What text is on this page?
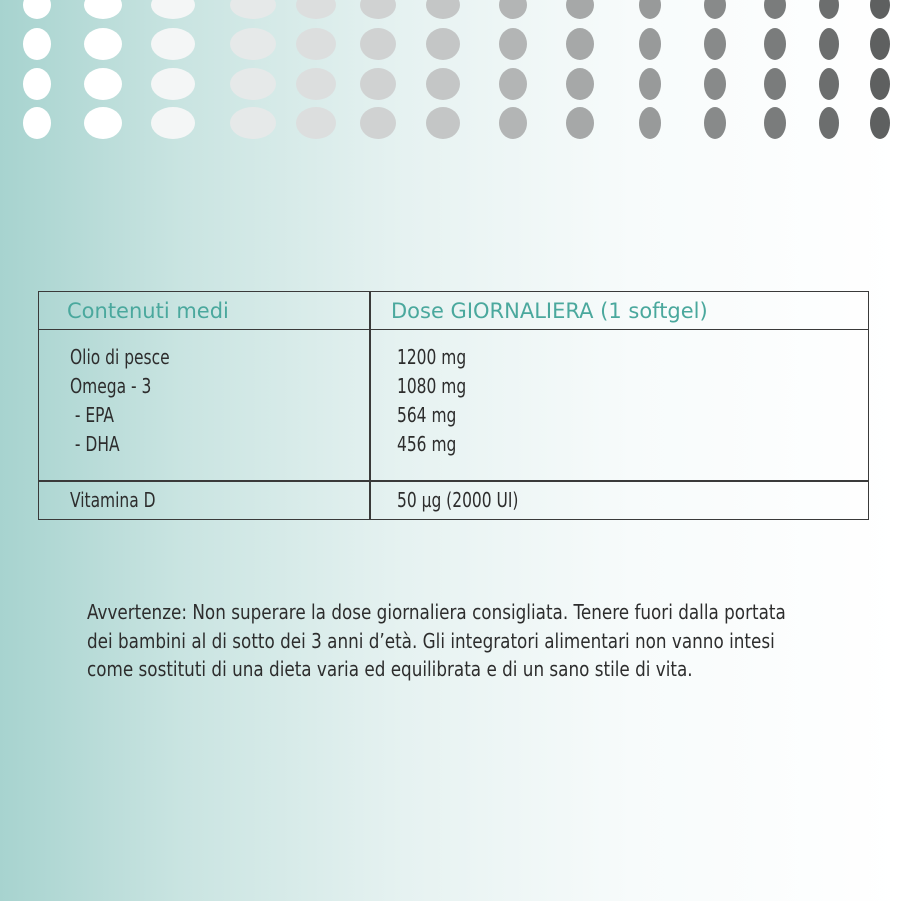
Contenuti medi	Dose GIORNALIERA (1 softgel)
Olio di pesce
Omega - 3
- EPA
- DHA
1200 mg
1080 mg
564 mg
456 mg
Vitamina D	50 µg (2000 UI)
Avvertenze: Non superare la dose giornaliera consigliata. Tenere fuori dalla portata
dei bambini al di sotto dei 3 anni d’età. Gli integratori alimentari non vanno intesi
come sostituti di una dieta varia ed equilibrata e di un sano stile di vita.
